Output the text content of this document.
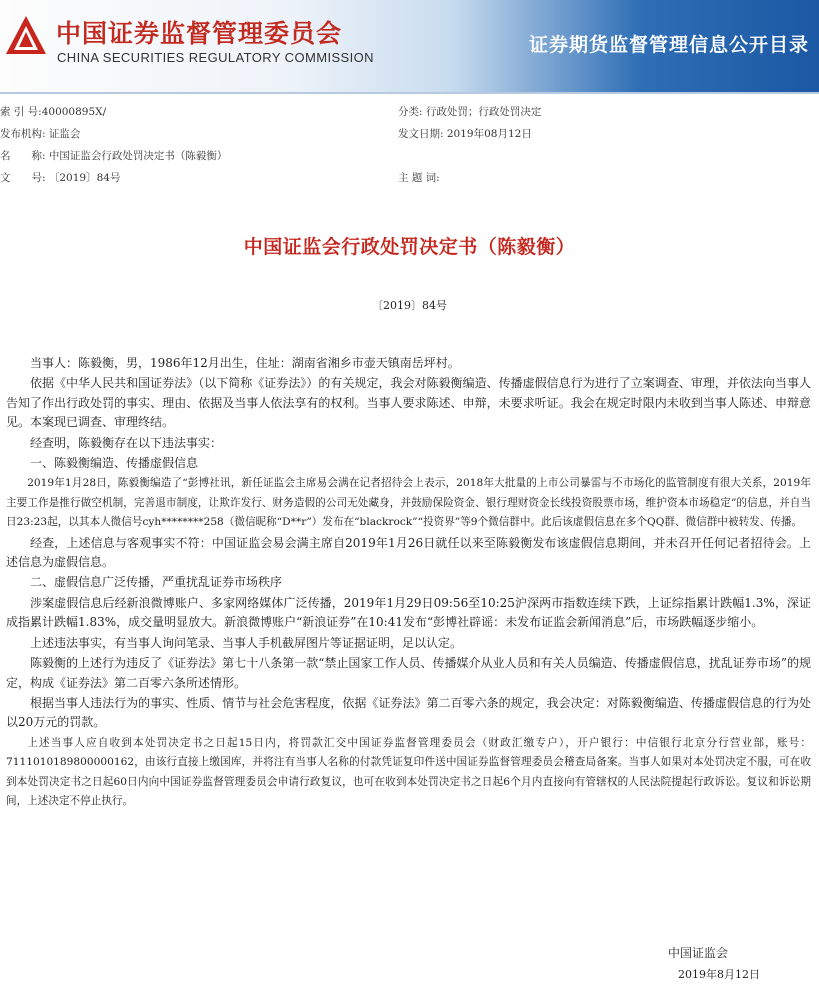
中国证券监督管理委员会
CHINA SECURITIES REGULATORY COMMISSION
证券期货监督管理信息公开目录
索 引 号:40000895X/	分类: 行政处罚；行政处罚决定
发布机构: 证监会	发文日期: 2019年08月12日
名　　称: 中国证监会行政处罚决定书（陈毅衡）
文　　号: 〔2019〕84号	主 题 词:
中国证监会行政处罚决定书（陈毅衡）
〔2019〕84号

当事人：陈毅衡，男，1986年12月出生，住址：湖南省湘乡市壶天镇南岳坪村。

依据《中华人民共和国证券法》（以下简称《证券法》）的有关规定，我会对陈毅衡编造、传播虚假信息行为进行了立案调查、审理，并依法向当事人告知了作出行政处罚的事实、理由、依据及当事人依法享有的权利。当事人要求陈述、申辩，未要求听证。我会在规定时限内未收到当事人陈述、申辩意见。本案现已调查、审理终结。

经查明，陈毅衡存在以下违法事实：

一、陈毅衡编造、传播虚假信息

2019年1月28日，陈毅衡编造了“彭博社讯，新任证监会主席易会满在记者招待会上表示，2018年大批量的上市公司暴雷与不市场化的监管制度有很大关系，2019年主要工作是推行做空机制，完善退市制度，让欺诈发行、财务造假的公司无处藏身，并鼓励保险资金、银行理财资金长线投资股票市场，维护资本市场稳定”的信息，并自当日23:23起，以其本人微信号cyh********258（微信昵称“D**r”）发布在“blackrock”“投资界”等9个微信群中。此后该虚假信息在多个QQ群、微信群中被转发、传播。

经查，上述信息与客观事实不符：中国证监会易会满主席自2019年1月26日就任以来至陈毅衡发布该虚假信息期间，并未召开任何记者招待会。上述信息为虚假信息。

二、虚假信息广泛传播，严重扰乱证券市场秩序

涉案虚假信息后经新浪微博账户、多家网络媒体广泛传播，2019年1月29日09:56至10:25沪深两市指数连续下跌，上证综指累计跌幅1.3%，深证成指累计跌幅1.83%，成交量明显放大。新浪微博账户“新浪证券”在10:41发布“彭博社辟谣：未发布证监会新闻消息”后，市场跌幅逐步缩小。

上述违法事实，有当事人询问笔录、当事人手机截屏图片等证据证明，足以认定。

陈毅衡的上述行为违反了《证券法》第七十八条第一款“禁止国家工作人员、传播媒介从业人员和有关人员编造、传播虚假信息，扰乱证券市场”的规定，构成《证券法》第二百零六条所述情形。

根据当事人违法行为的事实、性质、情节与社会危害程度，依据《证券法》第二百零六条的规定，我会决定：对陈毅衡编造、传播虚假信息的行为处以20万元的罚款。

上述当事人应自收到本处罚决定书之日起15日内，将罚款汇交中国证券监督管理委员会（财政汇缴专户），开户银行：中信银行北京分行营业部，账号：7111010189800000162，由该行直接上缴国库，并将注有当事人名称的付款凭证复印件送中国证券监督管理委员会稽查局备案。当事人如果对本处罚决定不服，可在收到本处罚决定书之日起60日内向中国证券监督管理委员会申请行政复议，也可在收到本处罚决定书之日起6个月内直接向有管辖权的人民法院提起行政诉讼。复议和诉讼期间，上述决定不停止执行。

中国证监会
2019年8月12日
